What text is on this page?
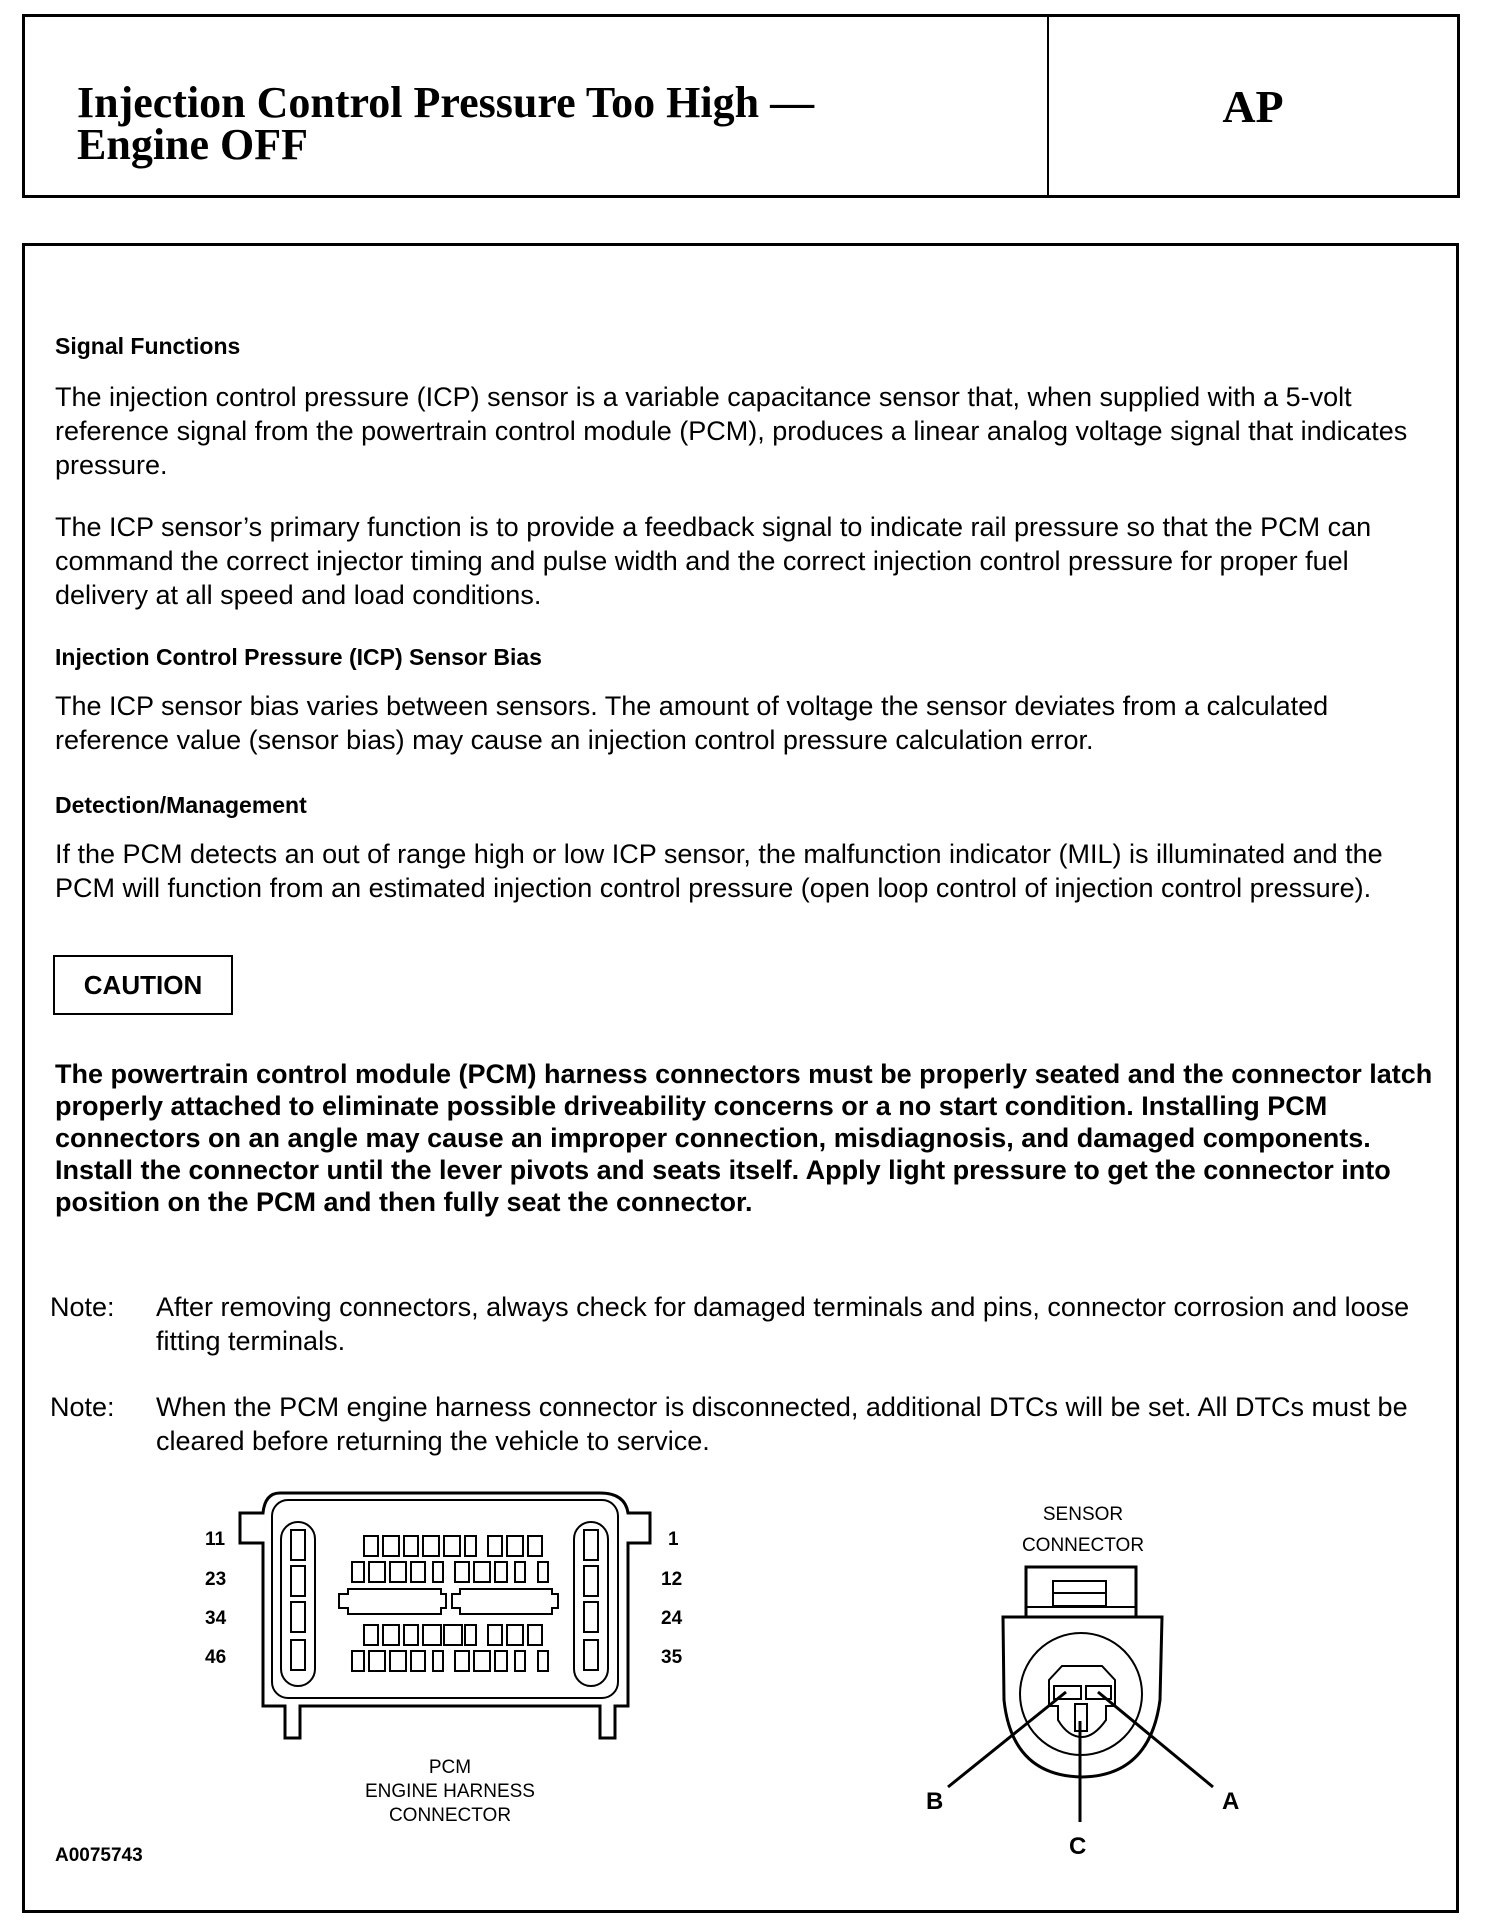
Injection Control Pressure Too High —
Engine OFF
AP
Signal Functions
The injection control pressure (ICP) sensor is a variable capacitance sensor that, when supplied with a 5-volt reference signal from the powertrain control module (PCM), produces a linear analog voltage signal that indicates pressure.
The ICP sensor’s primary function is to provide a feedback signal to indicate rail pressure so that the PCM can command the correct injector timing and pulse width and the correct injection control pressure for proper fuel delivery at all speed and load conditions.
Injection Control Pressure (ICP) Sensor Bias
The ICP sensor bias varies between sensors. The amount of voltage the sensor deviates from a calculated reference value (sensor bias) may cause an injection control pressure calculation error.
Detection/Management
If the PCM detects an out of range high or low ICP sensor, the malfunction indicator (MIL) is illuminated and the PCM will function from an estimated injection control pressure (open loop control of injection control pressure).
CAUTION
The powertrain control module (PCM) harness connectors must be properly seated and the connector latch properly attached to eliminate possible driveability concerns or a no start condition. Installing PCM connectors on an angle may cause an improper connection, misdiagnosis, and damaged components. Install the connector until the lever pivots and seats itself. Apply light pressure to get the connector into position on the PCM and then fully seat the connector.
Note: After removing connectors, always check for damaged terminals and pins, connector corrosion and loose fitting terminals.
Note: When the PCM engine harness connector is disconnected, additional DTCs will be set. All DTCs must be cleared before returning the vehicle to service.
11
23
34
46
1
12
24
35
PCM
ENGINE HARNESS
CONNECTOR
SENSOR
CONNECTOR
B	A
C
A0075743
